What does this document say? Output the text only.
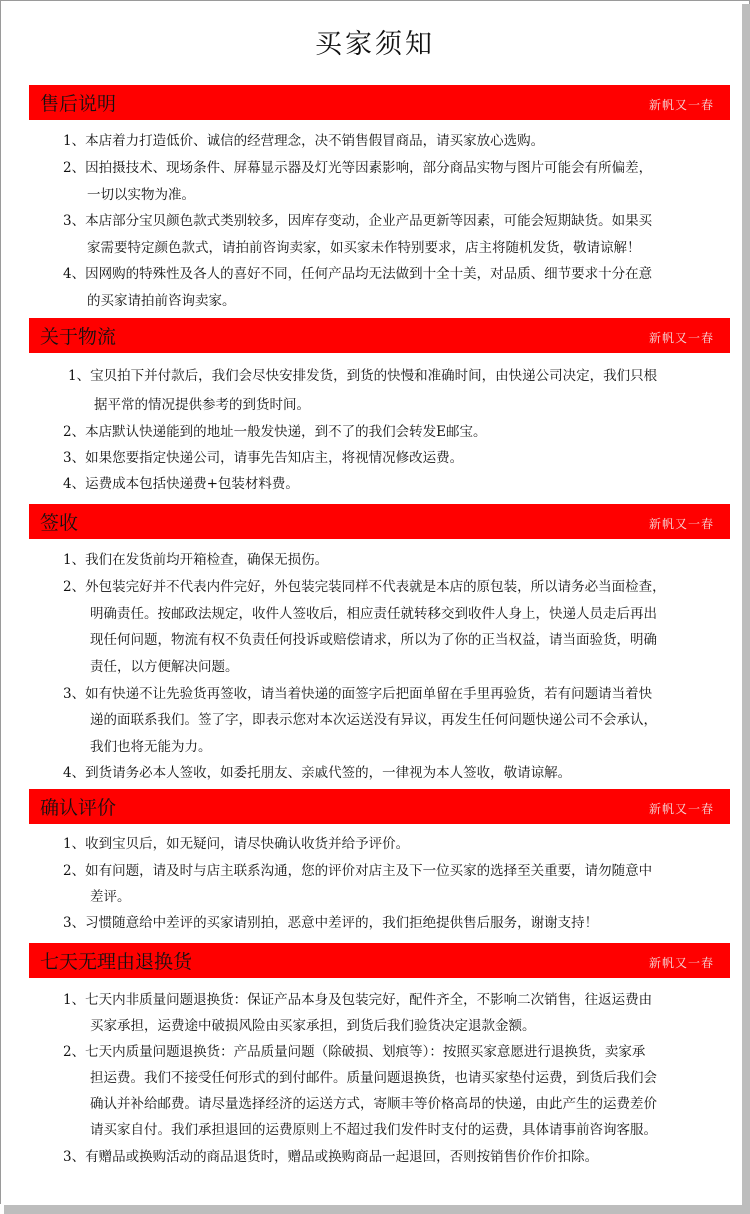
买家须知
售后说明	新帆又一春
1、本店着力打造低价、诚信的经营理念，决不销售假冒商品，请买家放心选购。
2、因拍摄技术、现场条件、屏幕显示器及灯光等因素影响，部分商品实物与图片可能会有所偏差，
一切以实物为准。
3、本店部分宝贝颜色款式类别较多，因库存变动，企业产品更新等因素，可能会短期缺货。如果买
家需要特定颜色款式，请拍前咨询卖家，如买家未作特别要求，店主将随机发货，敬请谅解！
4、因网购的特殊性及各人的喜好不同，任何产品均无法做到十全十美，对品质、细节要求十分在意
的买家请拍前咨询卖家。
关于物流	新帆又一春
1、宝贝拍下并付款后，我们会尽快安排发货，到货的快慢和准确时间，由快递公司决定，我们只根
据平常的情况提供参考的到货时间。
2、本店默认快递能到的地址一般发快递，到不了的我们会转发E邮宝。
3、如果您要指定快递公司，请事先告知店主，将视情况修改运费。
4、运费成本包括快递费+包装材料费。
签收	新帆又一春
1、我们在发货前均开箱检查，确保无损伤。
2、外包装完好并不代表内件完好，外包装完装同样不代表就是本店的原包装，所以请务必当面检查，
明确责任。按邮政法规定，收件人签收后，相应责任就转移交到收件人身上，快递人员走后再出
现任何问题，物流有权不负责任何投诉或赔偿请求，所以为了你的正当权益，请当面验货，明确
责任，以方便解决问题。
3、如有快递不让先验货再签收，请当着快递的面签字后把面单留在手里再验货，若有问题请当着快
递的面联系我们。签了字，即表示您对本次运送没有异议，再发生任何问题快递公司不会承认，
我们也将无能为力。
4、到货请务必本人签收，如委托朋友、亲戚代签的，一律视为本人签收，敬请谅解。
确认评价	新帆又一春
1、收到宝贝后，如无疑问，请尽快确认收货并给予评价。
2、如有问题，请及时与店主联系沟通，您的评价对店主及下一位买家的选择至关重要，请勿随意中
差评。
3、习惯随意给中差评的买家请别拍，恶意中差评的，我们拒绝提供售后服务，谢谢支持！
七天无理由退换货	新帆又一春
1、七天内非质量问题退换货：保证产品本身及包装完好，配件齐全，不影响二次销售，往返运费由
买家承担，运费途中破损风险由买家承担，到货后我们验货决定退款金额。
2、七天内质量问题退换货：产品质量问题（除破损、划痕等）：按照买家意愿进行退换货，卖家承
担运费。我们不接受任何形式的到付邮件。质量问题退换货，也请买家垫付运费，到货后我们会
确认并补给邮费。请尽量选择经济的运送方式，寄顺丰等价格高昂的快递，由此产生的运费差价
请买家自付。我们承担退回的运费原则上不超过我们发件时支付的运费，具体请事前咨询客服。
3、有赠品或换购活动的商品退货时，赠品或换购商品一起退回，否则按销售价作价扣除。
